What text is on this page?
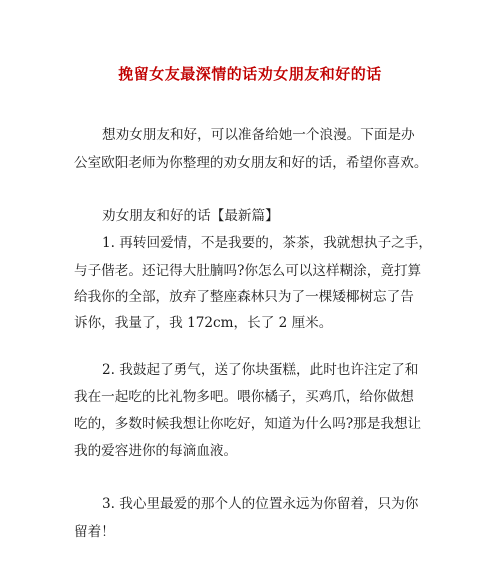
挽留女友最深情的话劝女朋友和好的话
想劝女朋友和好，可以准备给她一个浪漫。下面是办
公室欧阳老师为你整理的劝女朋友和好的话，希望你喜欢。
劝女朋友和好的话【最新篇】
1. 再转回爱情，不是我要的，茶茶，我就想执子之手，
与子偕老。还记得大肚腩吗?你怎么可以这样糊涂，竟打算
给我你的全部，放弃了整座森林只为了一棵矮椰树忘了告
诉你，我量了，我 172cm，长了 2 厘米。
2. 我鼓起了勇气，送了你块蛋糕，此时也许注定了和
我在一起吃的比礼物多吧。喂你橘子，买鸡爪，给你做想
吃的，多数时候我想让你吃好，知道为什么吗?那是我想让
我的爱容进你的每滴血液。
3. 我心里最爱的那个人的位置永远为你留着，只为你
留着！
